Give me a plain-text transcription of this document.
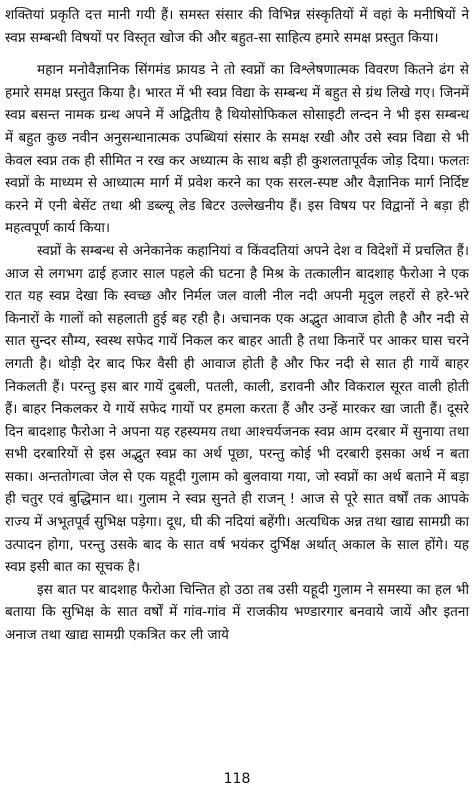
शक्तियां प्रकृति दत्त मानी गयी हैं। समस्त संसार की विभिन्न संस्कृतियों में वहां के मनीषियों ने स्वप्न सम्बन्धी विषयों पर विस्तृत खोज की और बहुत-सा साहित्य हमारे समक्ष प्रस्तुत किया।

महान मनोवैज्ञानिक सिंगमंड फ्रायड ने तो स्वप्नों का विश्लेषणात्मक विवरण कितने ढंग से हमारे समक्ष प्रस्तुत किया है। भारत में भी स्वप्न विद्या के सम्बन्ध में बहुत से ग्रंथ लिखे गए। जिनमें स्वप्न बसन्त नामक ग्रन्थ अपने में अद्वितीय है थियोसोफिकल सोसाइटी लन्दन ने भी इस सम्बन्ध में बहुत कुछ नवीन अनुसन्धानात्मक उपब्धियां संसार के समक्ष रखी और उसे स्वप्न विद्या से भी केवल स्वप्न तक ही सीमित न रख कर अध्यात्म के साथ बड़ी ही कुशलतापूर्वक जोड़ दिया। फलतः स्वप्नों के माध्यम से आध्यात्म मार्ग में प्रवेश करने का एक सरल-स्पष्ट और वैज्ञानिक मार्ग निर्दिष्ट करने में एनी बेसेंट तथा श्री डब्ल्यू लेड बिटर उल्लेखनीय हैं। इस विषय पर विद्वानों ने बड़ा ही महत्वपूर्ण कार्य किया।

स्वप्नों के सम्बन्ध से अनेकानेक कहानियां व किंवदतियां अपने देश व विदेशों में प्रचलित हैं। आज से लगभग ढाई हजार साल पहले की घटना है मिश्र के तत्कालीन बादशाह फैरोआ ने एक रात यह स्वप्न देखा कि स्वच्छ और निर्मल जल वाली नील नदी अपनी मृदुल लहरों से हरे-भरे किनारों के गालों को सहलाती हुई बह रही है। अचानक एक अद्भुत आवाज होती है और नदी से सात सुन्दर सौम्य, स्वस्थ सफेद गायें निकल कर बाहर आती है तथा किनारें पर आकर घास चरने लगती है। थोड़ी देर बाद फिर वैसी ही आवाज होती है और फिर नदी से सात ही गायें बाहर निकलती हैं। परन्तु इस बार गायें दुबली, पतली, काली, डरावनी और विकराल सूरत वाली होती हैं। बाहर निकलकर ये गायें सफेद गायों पर हमला करता हैं और उन्हें मारकर खा जाती हैं। दूसरे दिन बादशाह फैरोआ ने अपना यह रहस्यमय तथा आश्चर्यजनक स्वप्न आम दरबार में सुनाया तथा सभी दरबारियों से इस अद्भुत स्वप्न का अर्थ पूछा, परन्तु कोई भी दरबारी इसका अर्थ न बता सका। अन्ततोगत्वा जेल से एक यहूदी गुलाम को बुलवाया गया, जो स्वप्नों का अर्थ बताने में बड़ा ही चतुर एवं बुद्धिमान था। गुलाम ने स्वप्न सुनते ही राजन् ! आज से पूरे सात वर्षों तक आपके राज्य में अभूतपूर्व सुभिक्ष पड़ेगा। दूध, घी की नदियां बहेंगी। अत्यधिक अन्न तथा खाद्य सामग्री का उत्पादन होगा, परन्तु उसके बाद के सात वर्ष भयंकर दुर्भिक्ष अर्थात् अकाल के साल होंगे। यह स्वप्न इसी बात का सूचक है।

इस बात पर बादशाह फैरोआ चिन्तित हो उठा तब उसी यहूदी गुलाम ने समस्या का हल भी बताया कि सुभिक्ष के सात वर्षों में गांव-गांव में राजकीय भण्डारगार बनवाये जायें और इतना अनाज तथा खाद्य सामग्री एकत्रित कर ली जाये

118
